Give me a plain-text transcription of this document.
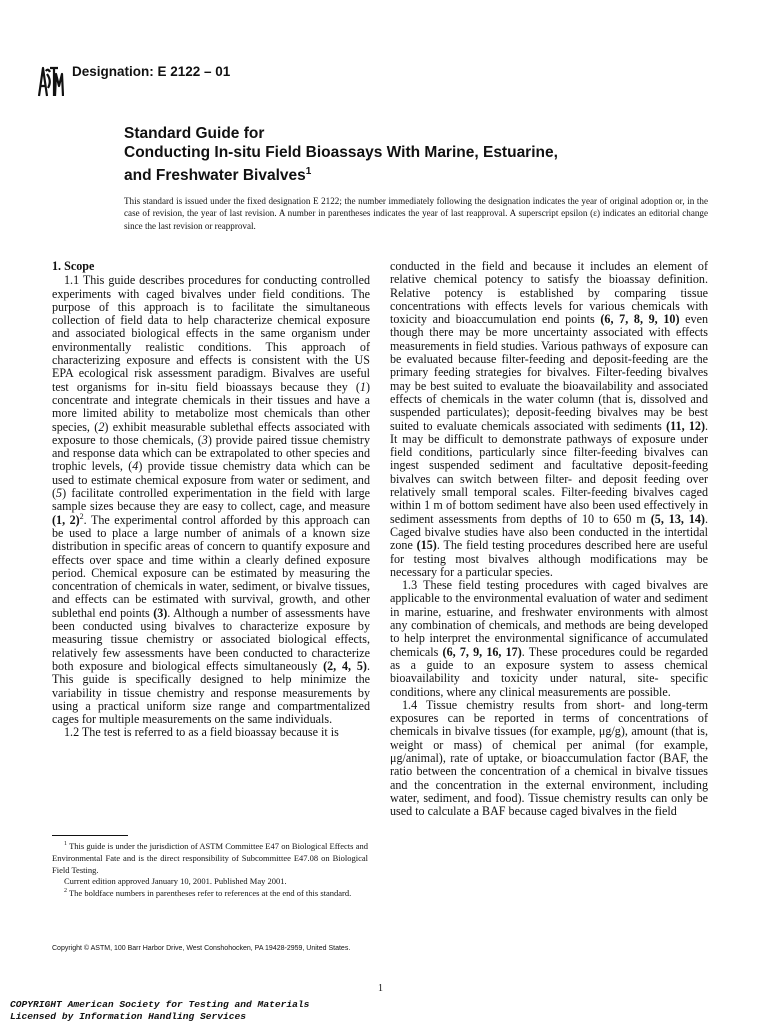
Designation: E 2122 – 01
Standard Guide for
Conducting In-situ Field Bioassays With Marine, Estuarine,
and Freshwater Bivalves$^1$
This standard is issued under the fixed designation E 2122; the number immediately following the designation indicates the year of original adoption or, in the case of revision, the year of last revision. A number in parentheses indicates the year of last reapproval. A superscript epsilon (ε) indicates an editorial change since the last revision or reapproval.
1. Scope

1.1 This guide describes procedures for conducting controlled experiments with caged bivalves under field conditions. The purpose of this approach is to facilitate the simultaneous collection of field data to help characterize chemical exposure and associated biological effects in the same organism under environmentally realistic conditions. This approach of characterizing exposure and effects is consistent with the US EPA ecological risk assessment paradigm. Bivalves are useful test organisms for in-situ field bioassays because they (1) concentrate and integrate chemicals in their tissues and have a more limited ability to metabolize most chemicals than other species, (2) exhibit measurable sublethal effects associated with exposure to those chemicals, (3) provide paired tissue chemistry and response data which can be extrapolated to other species and trophic levels, (4) provide tissue chemistry data which can be used to estimate chemical exposure from water or sediment, and (5) facilitate controlled experimentation in the field with large sample sizes because they are easy to collect, cage, and measure (1, 2)$^2$. The experimental control afforded by this approach can be used to place a large number of animals of a known size distribution in specific areas of concern to quantify exposure and effects over space and time within a clearly defined exposure period. Chemical exposure can be estimated by measuring the concentration of chemicals in water, sediment, or bivalve tissues, and effects can be estimated with survival, growth, and other sublethal end points (3). Although a number of assessments have been conducted using bivalves to characterize exposure by measuring tissue chemistry or associated biological effects, relatively few assessments have been conducted to characterize both exposure and biological effects simultaneously (2, 4, 5). This guide is specifically designed to help minimize the variability in tissue chemistry and response measurements by using a practical uniform size range and compartmentalized cages for multiple measurements on the same individuals.

1.2 The test is referred to as a field bioassay because it is

conducted in the field and because it includes an element of relative chemical potency to satisfy the bioassay definition. Relative potency is established by comparing tissue concentrations with effects levels for various chemicals with toxicity and bioaccumulation end points (6, 7, 8, 9, 10) even though there may be more uncertainty associated with effects measurements in field studies. Various pathways of exposure can be evaluated because filter-feeding and deposit-feeding are the primary feeding strategies for bivalves. Filter-feeding bivalves may be best suited to evaluate the bioavailability and associated effects of chemicals in the water column (that is, dissolved and suspended particulates); deposit-feeding bivalves may be best suited to evaluate chemicals associated with sediments (11, 12). It may be difficult to demonstrate pathways of exposure under field conditions, particularly since filter-feeding bivalves can ingest suspended sediment and facultative deposit-feeding bivalves can switch between filter- and deposit feeding over relatively small temporal scales. Filter-feeding bivalves caged within 1 m of bottom sediment have also been used effectively in sediment assessments from depths of 10 to 650 m (5, 13, 14). Caged bivalve studies have also been conducted in the intertidal zone (15). The field testing procedures described here are useful for testing most bivalves although modifications may be necessary for a particular species.

1.3 These field testing procedures with caged bivalves are applicable to the environmental evaluation of water and sediment in marine, estuarine, and freshwater environments with almost any combination of chemicals, and methods are being developed to help interpret the environmental significance of accumulated chemicals (6, 7, 9, 16, 17). These procedures could be regarded as a guide to an exposure system to assess chemical bioavailability and toxicity under natural, site- specific conditions, where any clinical measurements are possible.

1.4 Tissue chemistry results from short- and long-term exposures can be reported in terms of concentrations of chemicals in bivalve tissues (for example, μg/g), amount (that is, weight or mass) of chemical per animal (for example, μg/animal), rate of uptake, or bioaccumulation factor (BAF, the ratio between the concentration of a chemical in bivalve tissues and the concentration in the external environment, including water, sediment, and food). Tissue chemistry results can only be used to calculate a BAF because caged bivalves in the field

$^1$ This guide is under the jurisdiction of ASTM Committee E47 on Biological Effects and Environmental Fate and is the direct responsibility of Subcommittee E47.08 on Biological Field Testing.

Current edition approved January 10, 2001. Published May 2001.

$^2$ The boldface numbers in parentheses refer to references at the end of this standard.

Copyright © ASTM, 100 Barr Harbor Drive, West Conshohocken, PA 19428-2959, United States.
1
COPYRIGHT American Society for Testing and Materials
Licensed by Information Handling Services
